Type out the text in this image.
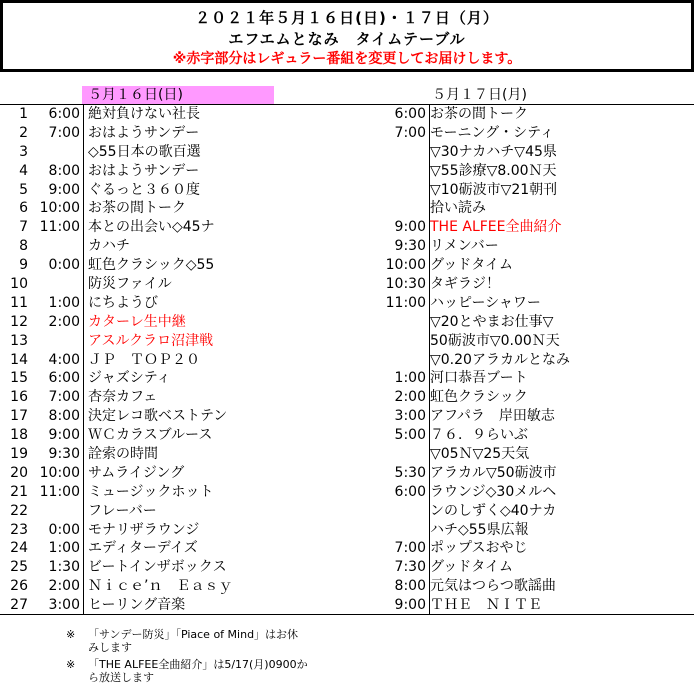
２０２１年５月１６日(日)・１７日（月）
エフエムとなみ　タイムテーブル
※赤字部分はレギュラー番組を変更してお届けします。
５月１６日(日)	５月１７日(月)
1	6:00 絶対負けない社長	6:00 お茶の間トーク
2	7:00 おはようサンデー	7:00 モーニング・シティ
3	◇55日本の歌百選	▽30ナカハチ▽45県
4	8:00 おはようサンデー	▽55診療▽8.00Ｎ天
5	9:00 ぐるっと３６０度	▽10砺波市▽21朝刊
6 10:00 お茶の間トーク	拾い読み
7 11:00 本との出会い◇45ナ	9:00 THE ALFEE全曲紹介
8	カハチ	9:30 リメンバー
9	0:00 虹色クラシック◇55	10:00 グッドタイム
10	防災ファイル	10:30 タギラジ！
11	1:00 にちようび	11:00 ハッピーシャワー
12	2:00 カターレ生中継	▽20とやまお仕事▽
13	アスルクラロ沼津戦	50砺波市▽0.00Ｎ天
14	4:00 ＪＰ　ＴＯＰ２０	▽0.20アラカルとなみ
15	6:00 ジャズシティ	1:00 河口恭吾ブート
16	7:00 杏奈カフェ	2:00 虹色クラシック
17	8:00 決定レコ歌ベストテン	3:00 アフパラ　岸田敏志
18	9:00 ＷＣカラスブルース	5:00 ７６．９らいぶ
19	9:30 詮索の時間	▽05Ｎ▽25天気
20 10:00 サムライジング	5:30 アラカル▽50砺波市
21 11:00 ミュージックホット	6:00 ラウンジ◇30メルヘ
22	フレーバー	ンのしずく◇40ナカ
23	0:00 モナリザラウンジ	ハチ◇55県広報
24	1:00 エディターデイズ	7:00 ポップスおやじ
25	1:30 ビートインザボックス	7:30 グッドタイム
26	2:00 Ｎｉｃｅ’ｎ　Ｅａｓｙ	8:00 元気はつらつ歌謡曲
27	3:00 ヒーリング音楽	9:00 ＴＨＥ　ＮＩＴＥ
※ 「サンデー防災」「Piace of Mind」はお休みします
※ 「THE ALFEE全曲紹介」は5/17(月)0900から放送します
